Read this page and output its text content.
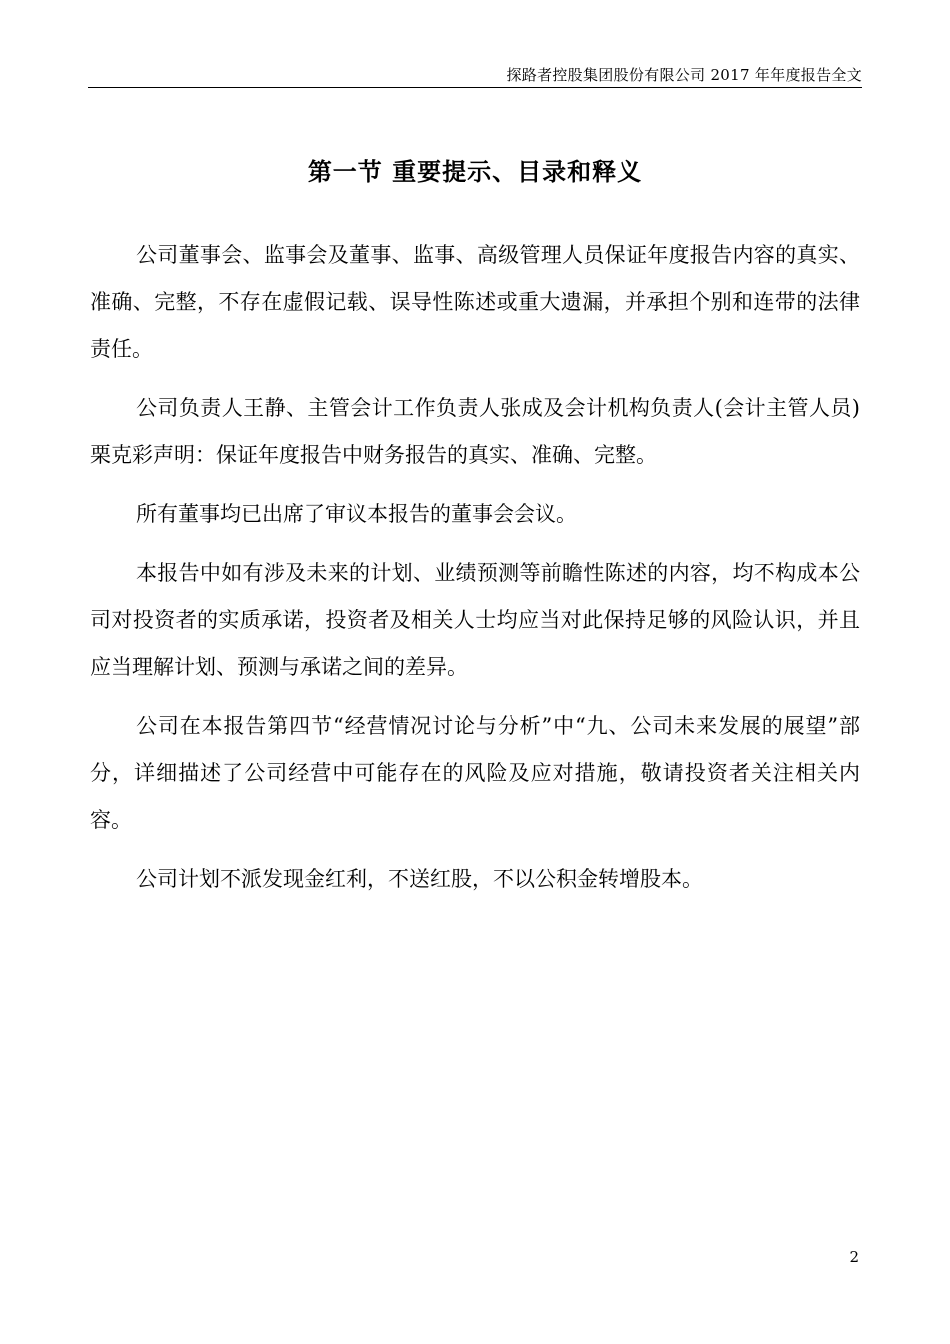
探路者控股集团股份有限公司 2017 年年度报告全文
第一节 重要提示、目录和释义

公司董事会、监事会及董事、监事、高级管理人员保证年度报告内容的真实、准确、完整，不存在虚假记载、误导性陈述或重大遗漏，并承担个别和连带的法律责任。

公司负责人王静、主管会计工作负责人张成及会计机构负责人(会计主管人员)栗克彩声明：保证年度报告中财务报告的真实、准确、完整。

所有董事均已出席了审议本报告的董事会会议。

本报告中如有涉及未来的计划、业绩预测等前瞻性陈述的内容，均不构成本公司对投资者的实质承诺，投资者及相关人士均应当对此保持足够的风险认识，并且应当理解计划、预测与承诺之间的差异。

公司在本报告第四节“经营情况讨论与分析”中“九、公司未来发展的展望”部分，详细描述了公司经营中可能存在的风险及应对措施，敬请投资者关注相关内容。

公司计划不派发现金红利，不送红股，不以公积金转增股本。

2
